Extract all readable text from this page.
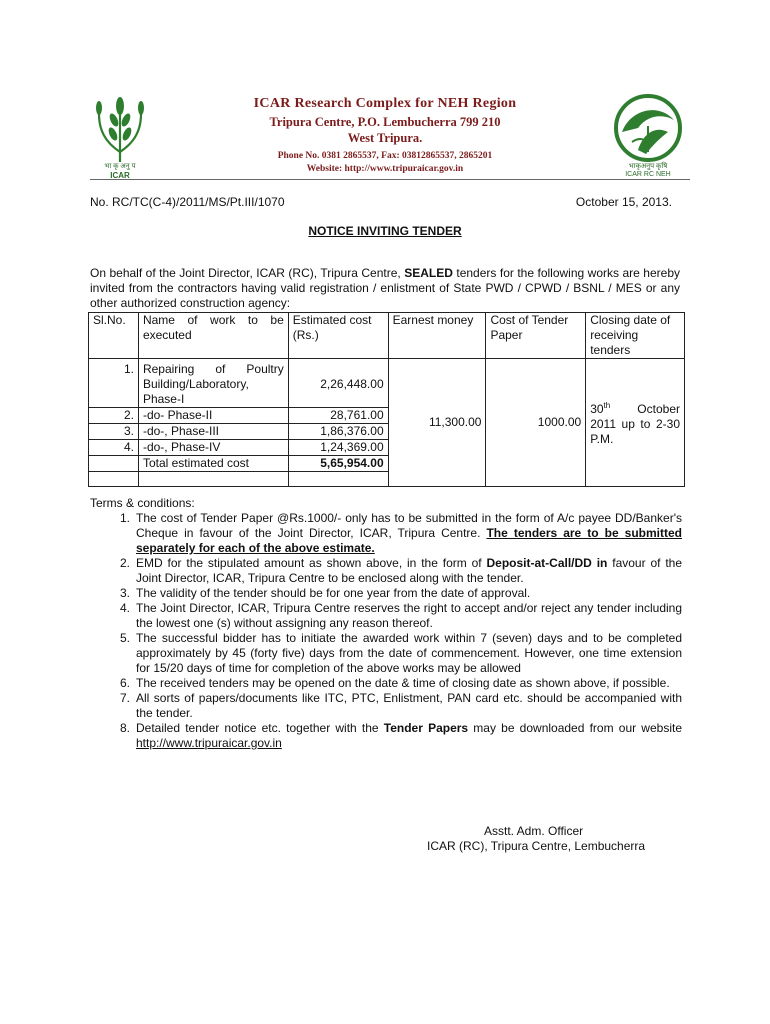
भा कृ अनु प
ICAR
भाकृअनुप कृषि
ICAR RC NEH
ICAR Research Complex for NEH Region
Tripura Centre, P.O. Lembucherra 799 210
West Tripura.
Phone No. 0381 2865537, Fax: 03812865537, 2865201
Website: http://www.tripuraicar.gov.in
No. RC/TC(C-4)/2011/MS/Pt.III/1070	October 15, 2013.
NOTICE INVITING TENDER
On behalf of the Joint Director, ICAR (RC), Tripura Centre, SEALED tenders for the following works are hereby invited from the contractors having valid registration / enlistment of State PWD / CPWD / BSNL / MES or any other authorized construction agency:
Sl.No.	Name of work to be executed	Estimated cost (Rs.)	Earnest money	Cost of Tender Paper	Closing date of receiving tenders
1.	Repairing of Poultry Building/Laboratory, Phase-I	2,26,448.00	11,300.00	1000.00	30th October 2011 up to 2-30 P.M.
2.	-do- Phase-II	28,761.00			
3.	-do-, Phase-III	1,86,376.00			
4.	-do-, Phase-IV	1,24,369.00			
	Total estimated cost	5,65,954.00			

Terms & conditions:
1. The cost of Tender Paper @Rs.1000/- only has to be submitted in the form of A/c payee DD/Banker's Cheque in favour of the Joint Director, ICAR, Tripura Centre. The tenders are to be submitted separately for each of the above estimate.
2. EMD for the stipulated amount as shown above, in the form of Deposit-at-Call/DD in favour of the Joint Director, ICAR, Tripura Centre to be enclosed along with the tender.
3. The validity of the tender should be for one year from the date of approval.
4. The Joint Director, ICAR, Tripura Centre reserves the right to accept and/or reject any tender including the lowest one (s) without assigning any reason thereof.
5. The successful bidder has to initiate the awarded work within 7 (seven) days and to be completed approximately by 45 (forty five) days from the date of commencement. However, one time extension for 15/20 days of time for completion of the above works may be allowed
6. The received tenders may be opened on the date & time of closing date as shown above, if possible.
7. All sorts of papers/documents like ITC, PTC, Enlistment, PAN card etc. should be accompanied with the tender.
8. Detailed tender notice etc. together with the Tender Papers may be downloaded from our website http://www.tripuraicar.gov.in
Asstt. Adm. Officer
ICAR (RC), Tripura Centre, Lembucherra
